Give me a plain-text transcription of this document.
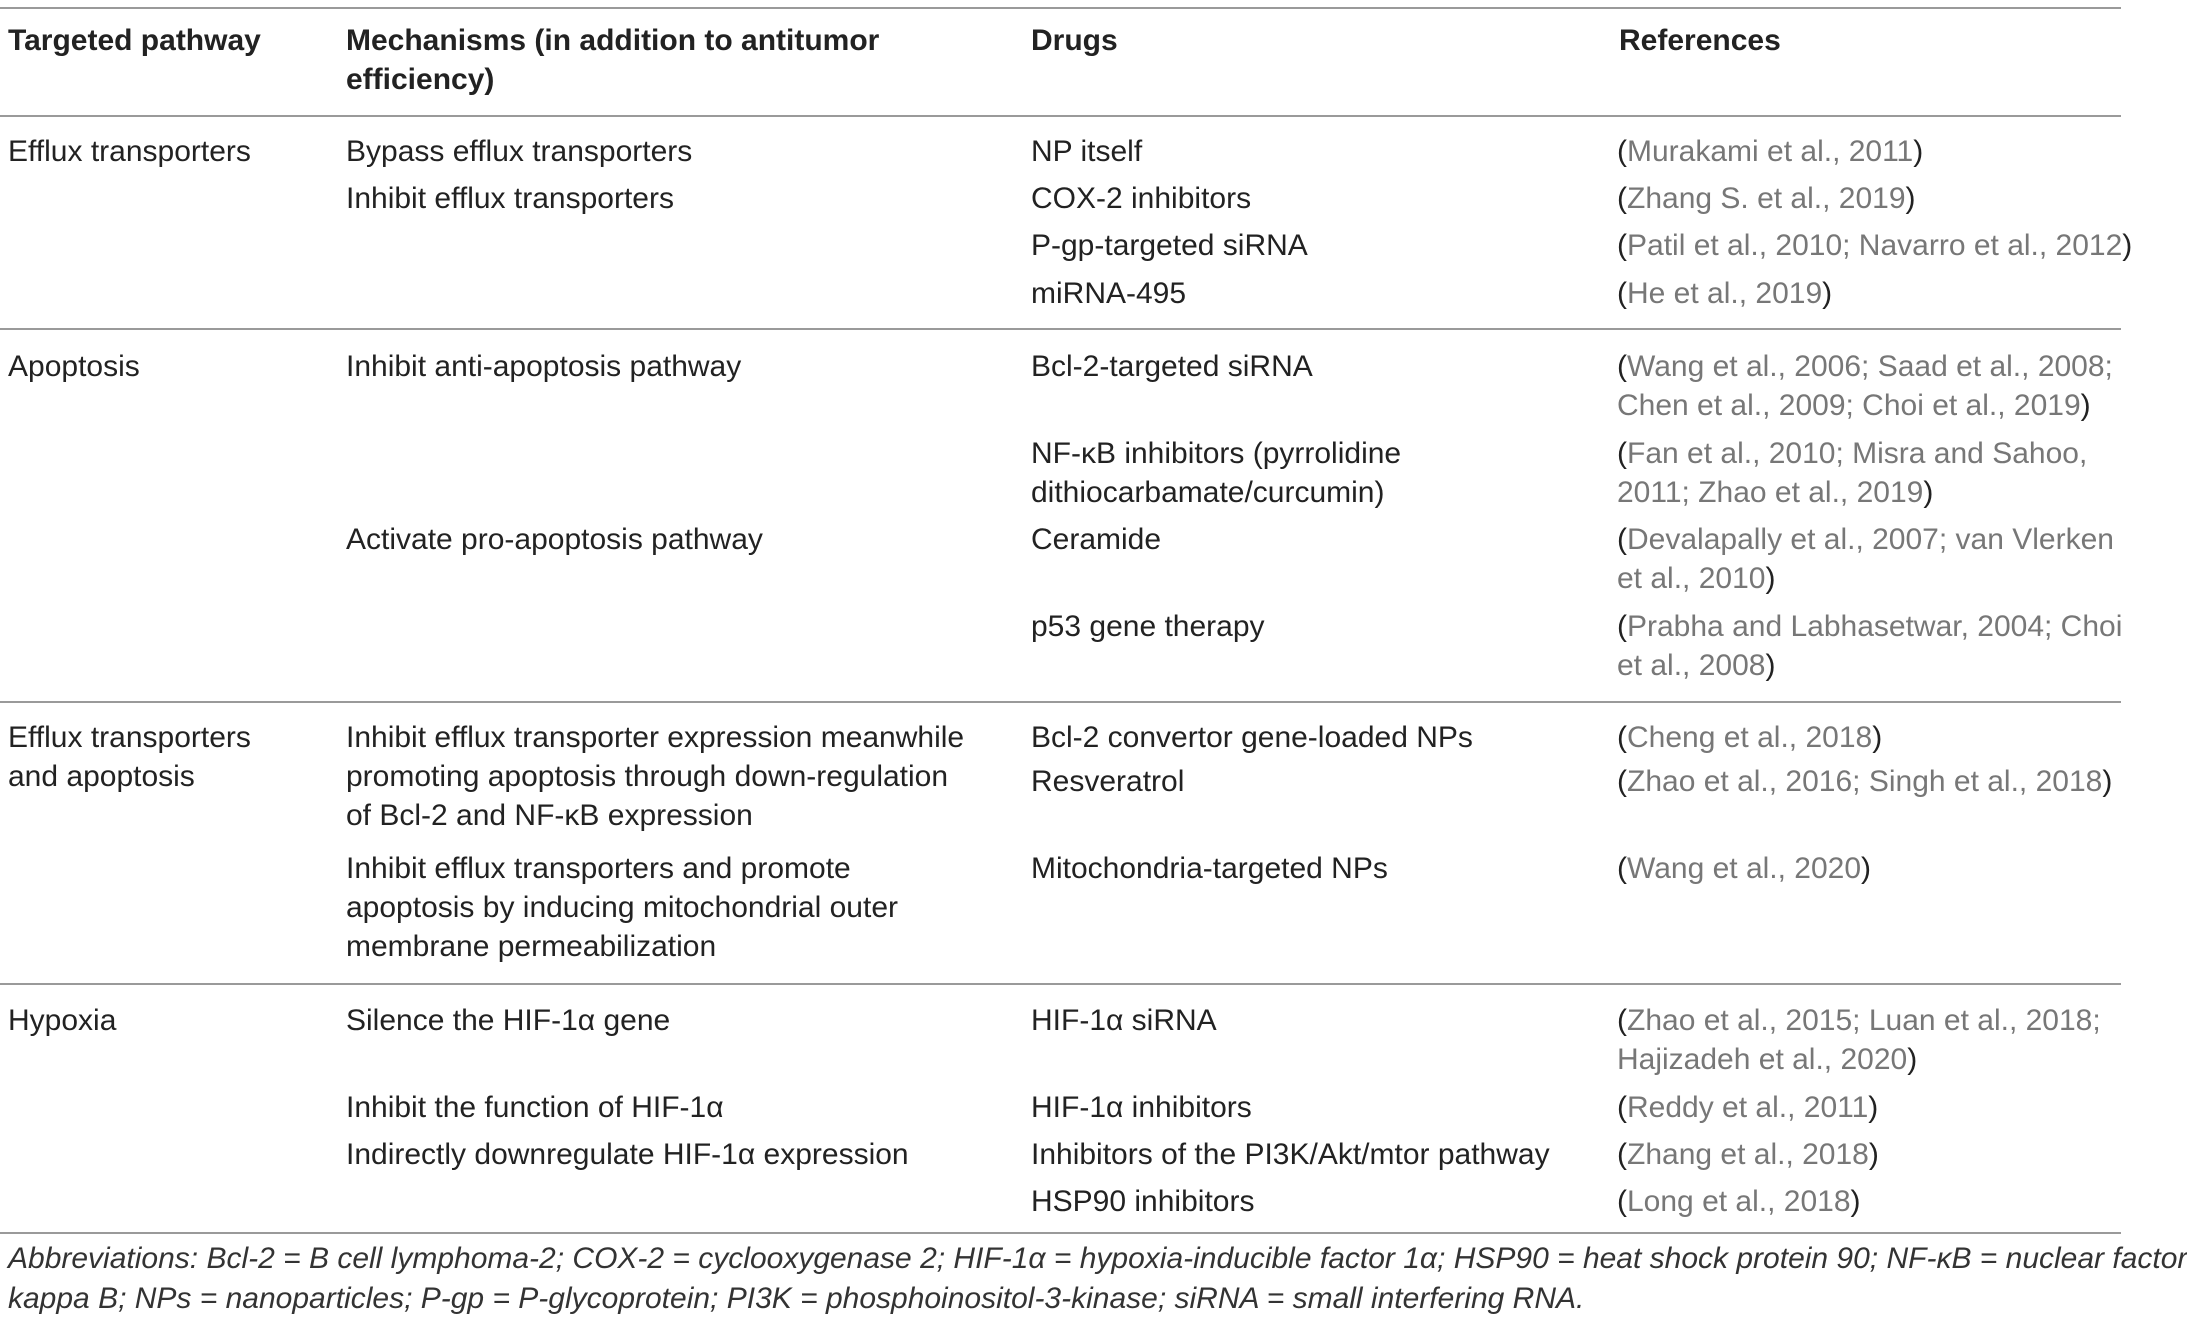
Targeted pathway	Mechanisms (in addition to antitumor
efficiency)
Drugs	References
Efflux transporters
Apoptosis
Efflux transporters
and apoptosis
Hypoxia
Bypass efflux transporters
Inhibit efflux transporters
Inhibit anti-apoptosis pathway
Activate pro-apoptosis pathway
Inhibit efflux transporter expression meanwhile
promoting apoptosis through down-regulation
of Bcl-2 and NF-κB expression
Inhibit efflux transporters and promote
apoptosis by inducing mitochondrial outer
membrane permeabilization
Silence the HIF-1α gene
Inhibit the function of HIF-1α
Indirectly downregulate HIF-1α expression
NP itself
COX-2 inhibitors
P-gp-targeted siRNA
miRNA-495
Bcl-2-targeted siRNA
NF-κB inhibitors (pyrrolidine
dithiocarbamate/curcumin)
Ceramide
p53 gene therapy
Bcl-2 convertor gene-loaded NPs
Resveratrol
Mitochondria-targeted NPs
HIF-1α siRNA
HIF-1α inhibitors
Inhibitors of the PI3K/Akt/mtor pathway
HSP90 inhibitors
(Murakami et al., 2011)
(Zhang S. et al., 2019)
(Patil et al., 2010; Navarro et al., 2012)
(He et al., 2019)
(Wang et al., 2006; Saad et al., 2008;
Chen et al., 2009; Choi et al., 2019)
(Fan et al., 2010; Misra and Sahoo,
2011; Zhao et al., 2019)
(Devalapally et al., 2007; van Vlerken
et al., 2010)
(Prabha and Labhasetwar, 2004; Choi
et al., 2008)
(Cheng et al., 2018)
(Zhao et al., 2016; Singh et al., 2018)
(Wang et al., 2020)
(Zhao et al., 2015; Luan et al., 2018;
Hajizadeh et al., 2020)
(Reddy et al., 2011)
(Zhang et al., 2018)
(Long et al., 2018)
Abbreviations: Bcl-2 = B cell lymphoma-2; COX-2 = cyclooxygenase 2; HIF-1α = hypoxia-inducible factor 1α; HSP90 = heat shock protein 90; NF-κB = nuclear factor
kappa B; NPs = nanoparticles; P-gp = P-glycoprotein; PI3K = phosphoinositol-3-kinase; siRNA = small interfering RNA.
